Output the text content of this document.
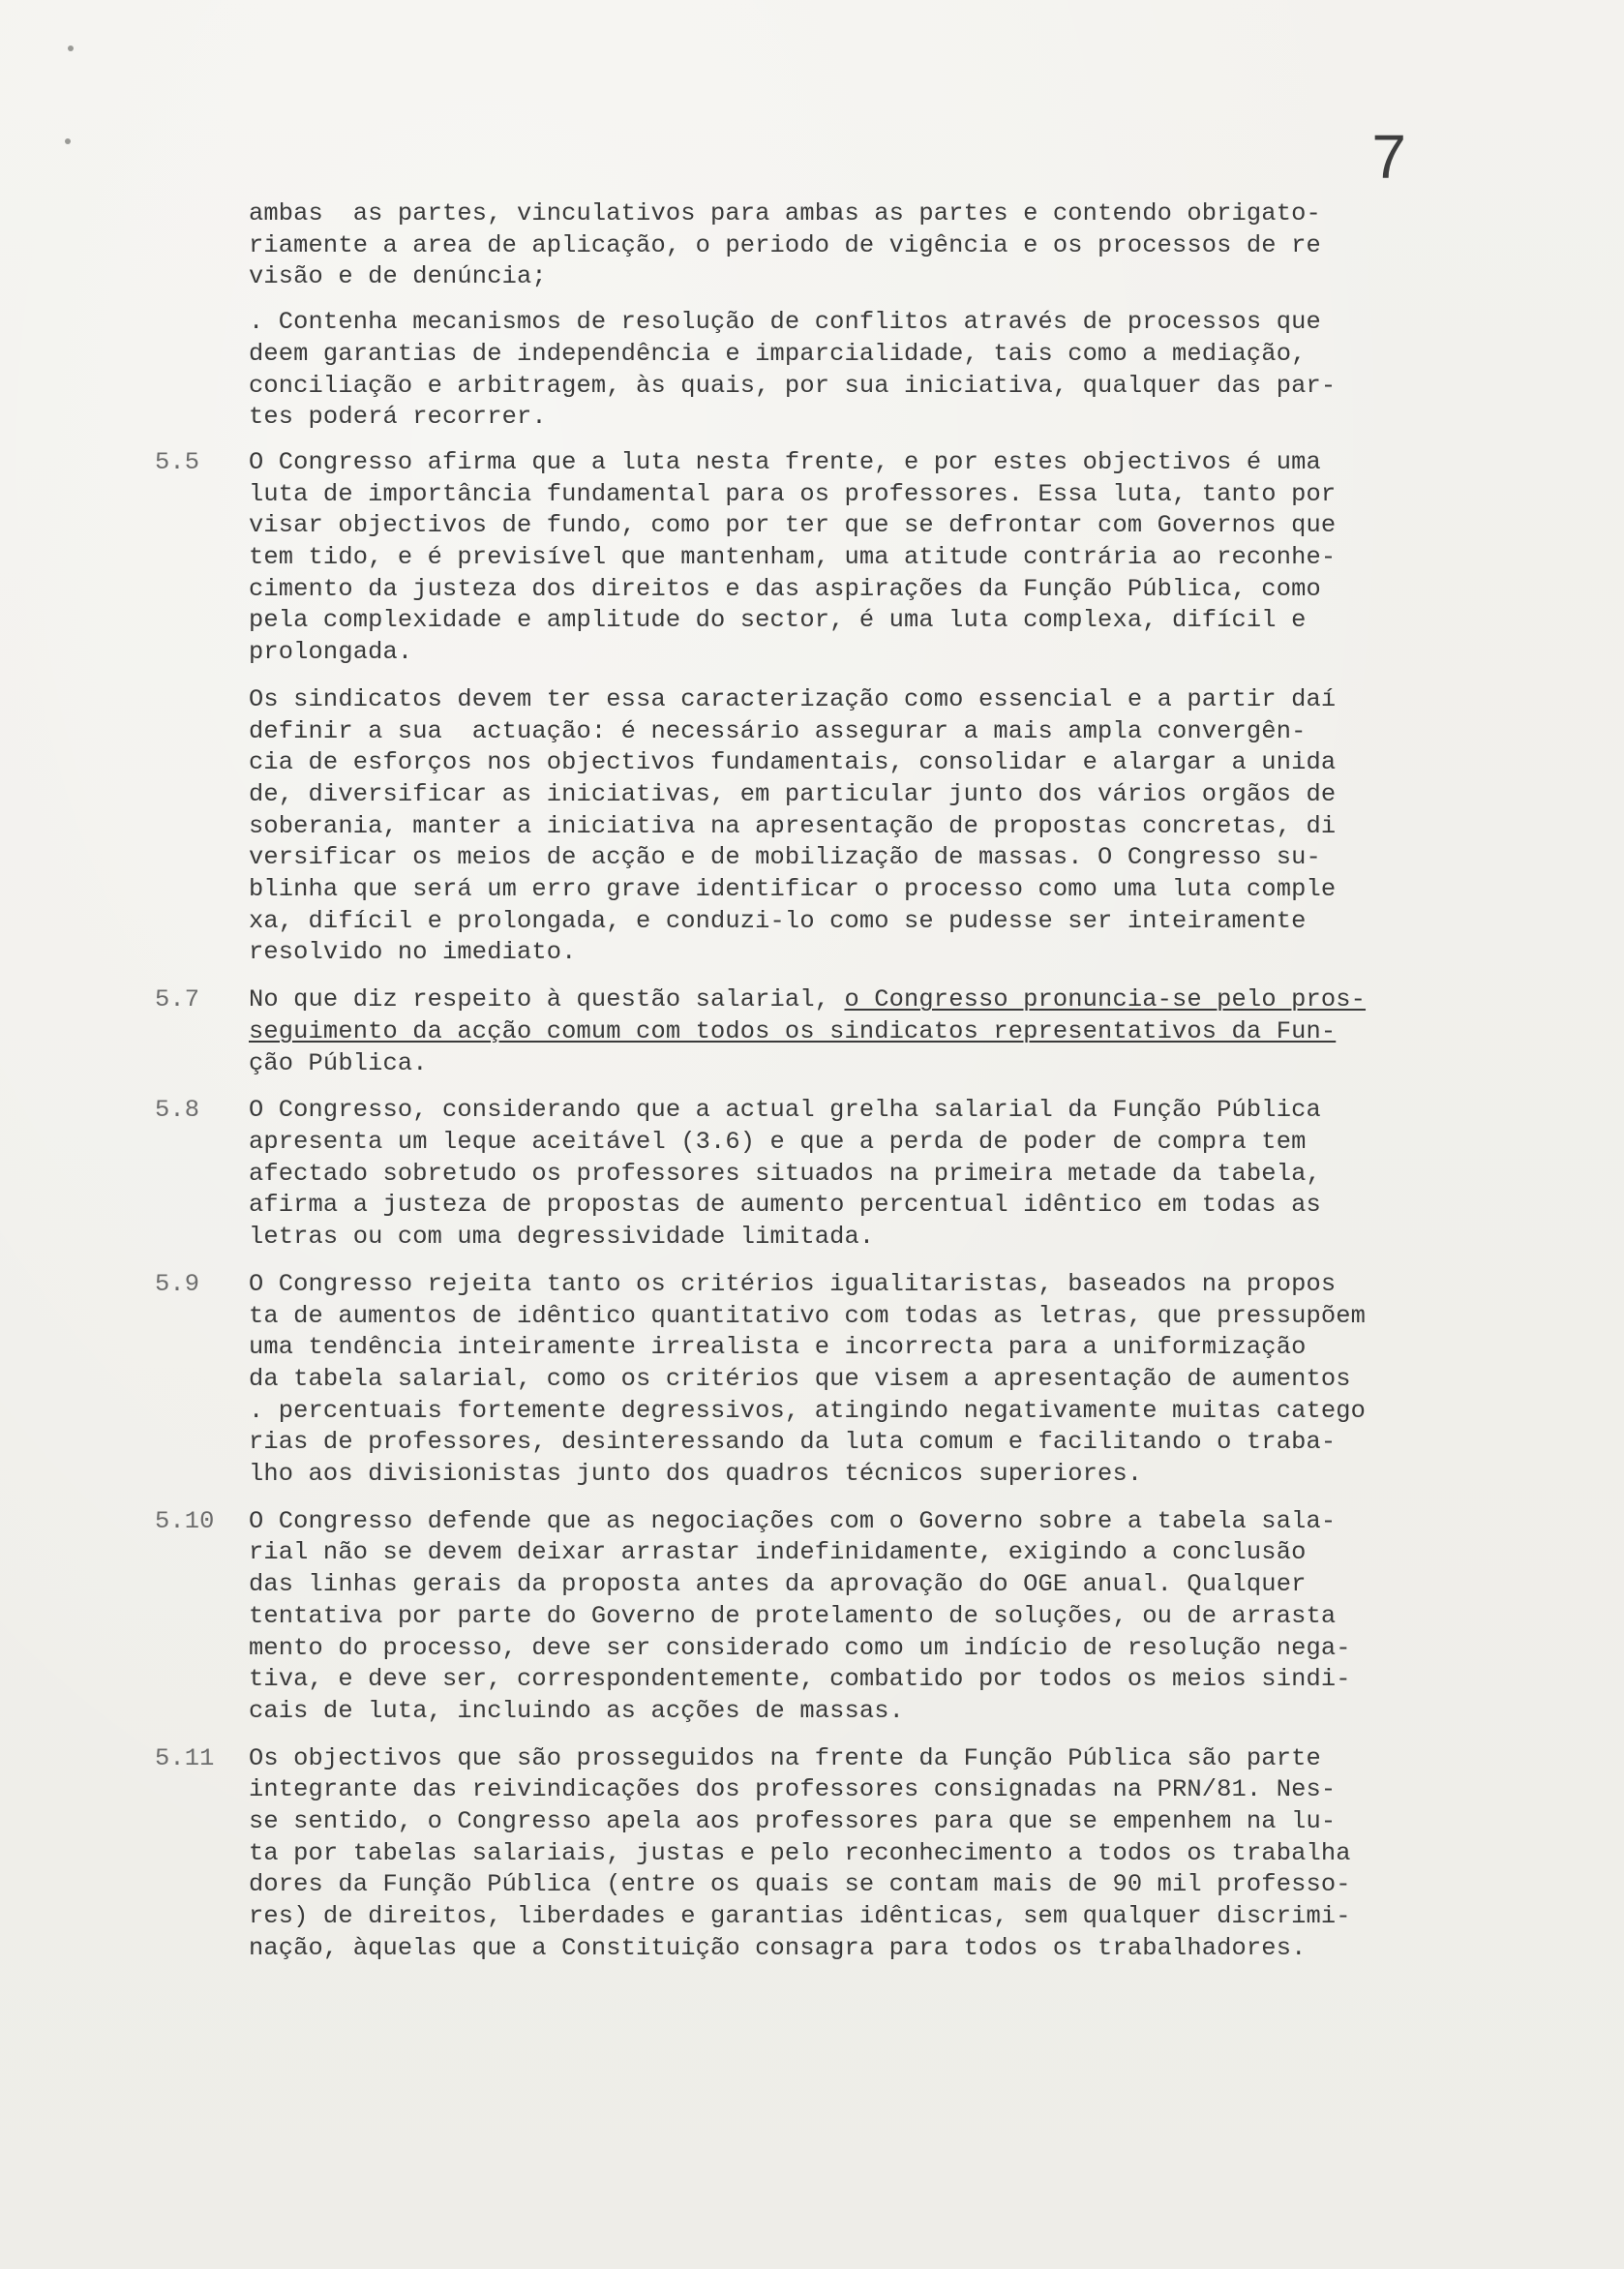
7
ambas  as partes, vinculativos para ambas as partes e contendo obrigato-
riamente a area de aplicação, o periodo de vigência e os processos de re
visão e de denúncia;
. Contenha mecanismos de resolução de conflitos através de processos que
deem garantias de independência e imparcialidade, tais como a mediação,
conciliação e arbitragem, às quais, por sua iniciativa, qualquer das par-
tes poderá recorrer.
5.5 O Congresso afirma que a luta nesta frente, e por estes objectivos é uma
luta de importância fundamental para os professores. Essa luta, tanto por
visar objectivos de fundo, como por ter que se defrontar com Governos que
tem tido, e é previsível que mantenham, uma atitude contrária ao reconhe-
cimento da justeza dos direitos e das aspirações da Função Pública, como
pela complexidade e amplitude do sector, é uma luta complexa, difícil e
prolongada.
Os sindicatos devem ter essa caracterização como essencial e a partir daí
definir a sua  actuação: é necessário assegurar a mais ampla convergên-
cia de esforços nos objectivos fundamentais, consolidar e alargar a unida
de, diversificar as iniciativas, em particular junto dos vários orgãos de
soberania, manter a iniciativa na apresentação de propostas concretas, di
versificar os meios de acção e de mobilização de massas. O Congresso su-
blinha que será um erro grave identificar o processo como uma luta comple
xa, difícil e prolongada, e conduzi-lo como se pudesse ser inteiramente
resolvido no imediato.
5.7 No que diz respeito à questão salarial, o Congresso pronuncia-se pelo pros-
seguimento da acção comum com todos os sindicatos representativos da Fun-
ção Pública.
5.8 O Congresso, considerando que a actual grelha salarial da Função Pública
apresenta um leque aceitável (3.6) e que a perda de poder de compra tem
afectado sobretudo os professores situados na primeira metade da tabela,
afirma a justeza de propostas de aumento percentual idêntico em todas as
letras ou com uma degressividade limitada.
5.9 O Congresso rejeita tanto os critérios igualitaristas, baseados na propos
ta de aumentos de idêntico quantitativo com todas as letras, que pressupõem
uma tendência inteiramente irrealista e incorrecta para a uniformização
da tabela salarial, como os critérios que visem a apresentação de aumentos
. percentuais fortemente degressivos, atingindo negativamente muitas catego
rias de professores, desinteressando da luta comum e facilitando o traba-
lho aos divisionistas junto dos quadros técnicos superiores.
5.10 O Congresso defende que as negociações com o Governo sobre a tabela sala-
rial não se devem deixar arrastar indefinidamente, exigindo a conclusão
das linhas gerais da proposta antes da aprovação do OGE anual. Qualquer
tentativa por parte do Governo de protelamento de soluções, ou de arrasta
mento do processo, deve ser considerado como um indício de resolução nega-
tiva, e deve ser, correspondentemente, combatido por todos os meios sindi-
cais de luta, incluindo as acções de massas.
5.11 Os objectivos que são prosseguidos na frente da Função Pública são parte
integrante das reivindicações dos professores consignadas na PRN/81. Nes-
se sentido, o Congresso apela aos professores para que se empenhem na lu-
ta por tabelas salariais, justas e pelo reconhecimento a todos os trabalha
dores da Função Pública (entre os quais se contam mais de 90 mil professo-
res) de direitos, liberdades e garantias idênticas, sem qualquer discrimi-
nação, àquelas que a Constituição consagra para todos os trabalhadores.
